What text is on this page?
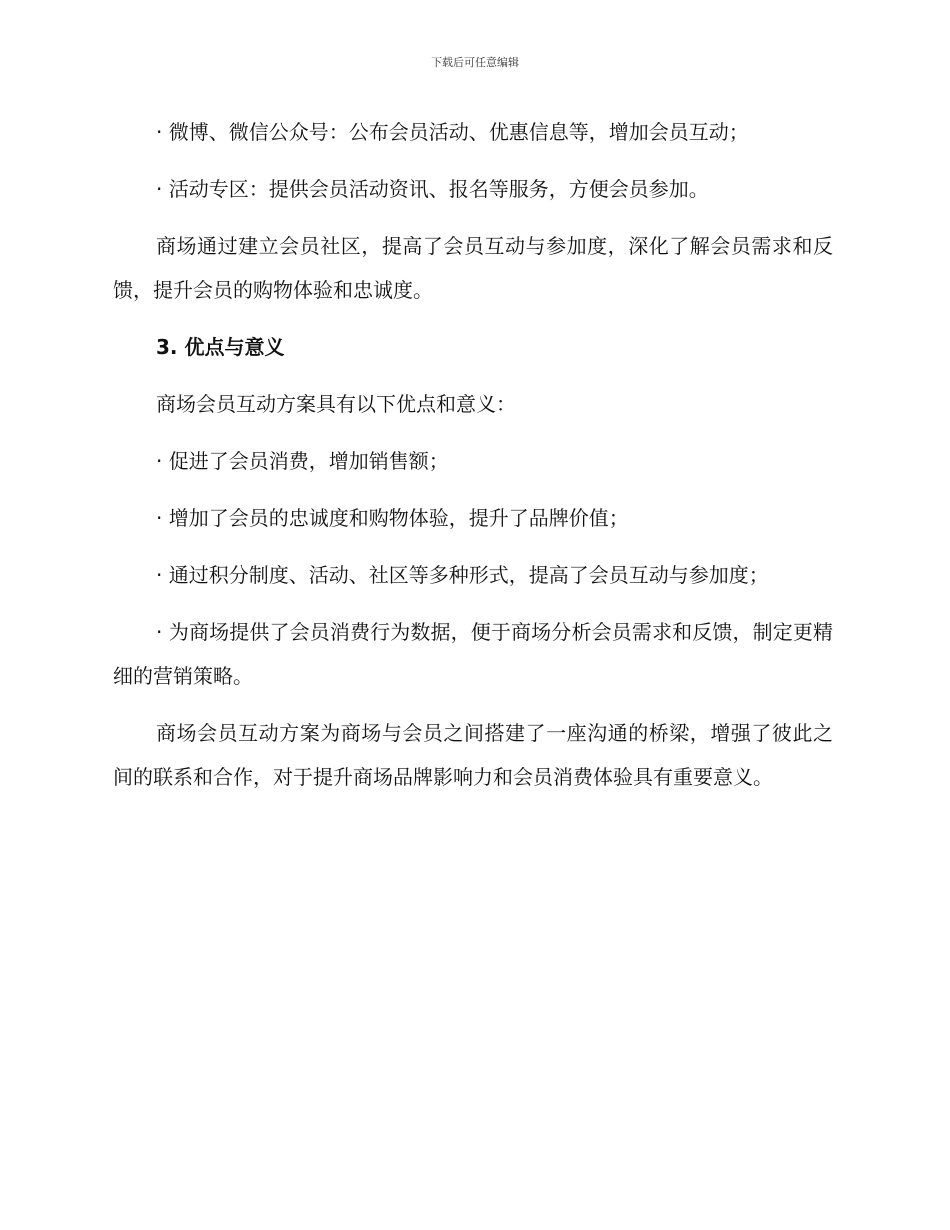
下载后可任意编辑

· 微博、微信公众号：公布会员活动、优惠信息等，增加会员互动；

· 活动专区：提供会员活动资讯、报名等服务，方便会员参加。

商场通过建立会员社区，提高了会员互动与参加度，深化了解会员需求和反馈，提升会员的购物体验和忠诚度。

3. 优点与意义

商场会员互动方案具有以下优点和意义：

· 促进了会员消费，增加销售额；

· 增加了会员的忠诚度和购物体验，提升了品牌价值；

· 通过积分制度、活动、社区等多种形式，提高了会员互动与参加度；

· 为商场提供了会员消费行为数据，便于商场分析会员需求和反馈，制定更精细的营销策略。

商场会员互动方案为商场与会员之间搭建了一座沟通的桥梁，增强了彼此之间的联系和合作，对于提升商场品牌影响力和会员消费体验具有重要意义。
